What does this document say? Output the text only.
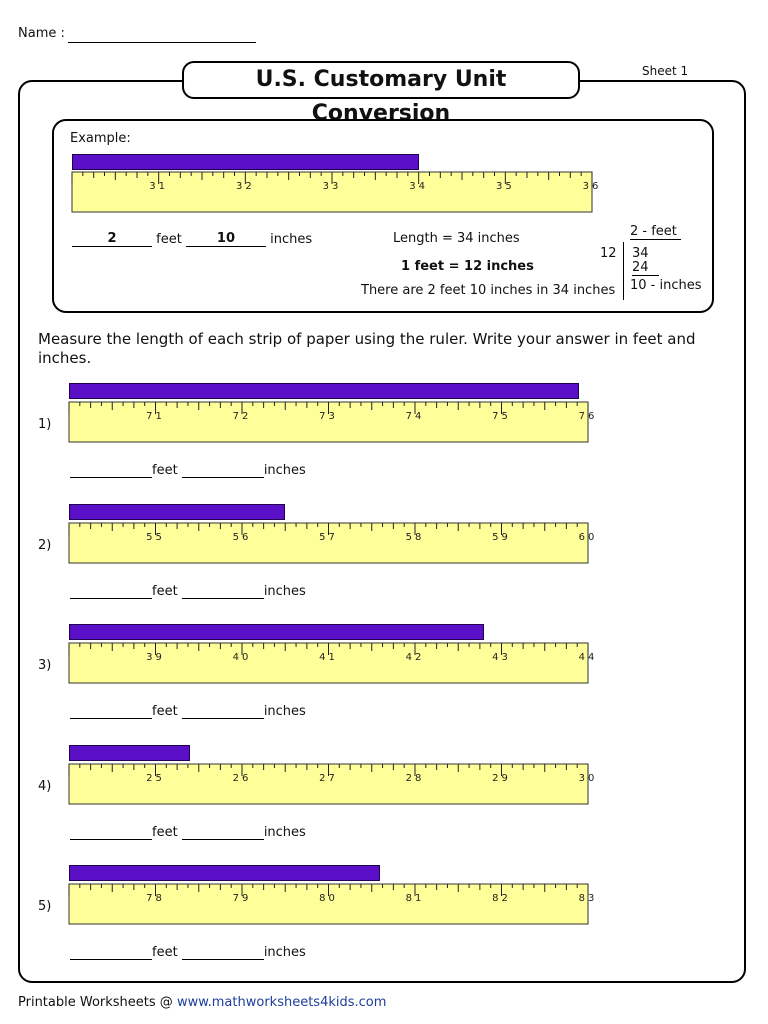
Name :
U.S. Customary Unit Conversion
Sheet 1
Example:
31	32	33	34	35	36
2	feet	10	inches	Length = 34 inches
1 feet = 12 inches
There are 2 feet 10 inches in 34 inches
2 - feet
12 34
24
10 - inches
Measure the length of each strip of paper using the ruler. Write your answer in feet and inches.
71	72	73	74	75	76
1)
feet	inches
55	56	57	58	59	60
2)
feet	inches
39	40	41	42	43	44
3)
feet	inches
25	26	27	28	29	30
4)
feet	inches
78	79	80	81	82	83
5)
feet	inches
Printable Worksheets @ www.mathworksheets4kids.com
